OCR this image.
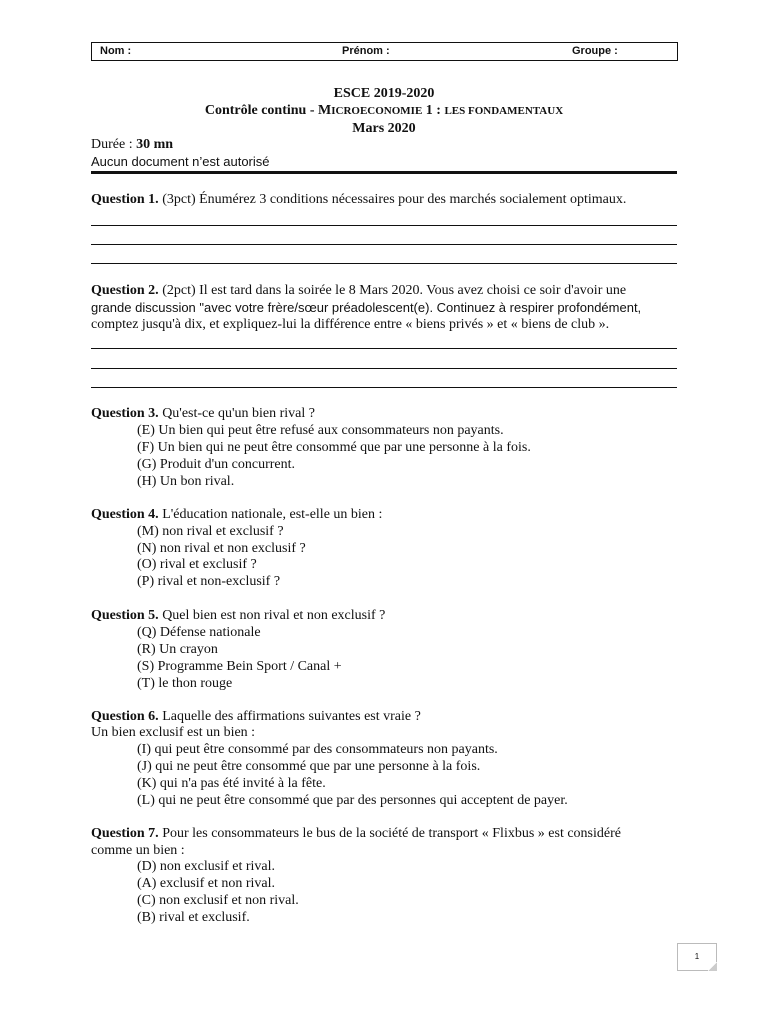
Nom :	Prénom :	Groupe :
ESCE 2019-2020
Contrôle continu - MICROECONOMIE 1 : LES FONDAMENTAUX
Mars 2020
Durée : 30 mn
Aucun document n’est autorisé
Question 1. (3pct) Énumérez 3 conditions nécessaires pour des marchés socialement optimaux.
Question 2. (2pct) Il est tard dans la soirée le 8 Mars 2020. Vous avez choisi ce soir d'avoir une
grande discussion "avec votre frère/sœur préadolescent(e). Continuez à respirer profondément,
comptez jusqu'à dix, et expliquez-lui la différence entre « biens privés » et « biens de club ».
Question 3. Qu'est-ce qu'un bien rival ?
(E) Un bien qui peut être refusé aux consommateurs non payants.
(F) Un bien qui ne peut être consommé que par une personne à la fois.
(G) Produit d'un concurrent.
(H) Un bon rival.
Question 4. L'éducation nationale, est-elle un bien :
(M) non rival et exclusif ?
(N) non rival et non exclusif ?
(O) rival et exclusif ?
(P) rival et non-exclusif ?
Question 5. Quel bien est non rival et non exclusif ?
(Q) Défense nationale
(R) Un crayon
(S) Programme Bein Sport / Canal +
(T) le thon rouge
Question 6. Laquelle des affirmations suivantes est vraie ?
Un bien exclusif est un bien :
(I) qui peut être consommé par des consommateurs non payants.
(J) qui ne peut être consommé que par une personne à la fois.
(K) qui n'a pas été invité à la fête.
(L) qui ne peut être consommé que par des personnes qui acceptent de payer.
Question 7. Pour les consommateurs le bus de la société de transport « Flixbus » est considéré
comme un bien :
(D) non exclusif et rival.
(A) exclusif et non rival.
(C) non exclusif et non rival.
(B) rival et exclusif.
1
